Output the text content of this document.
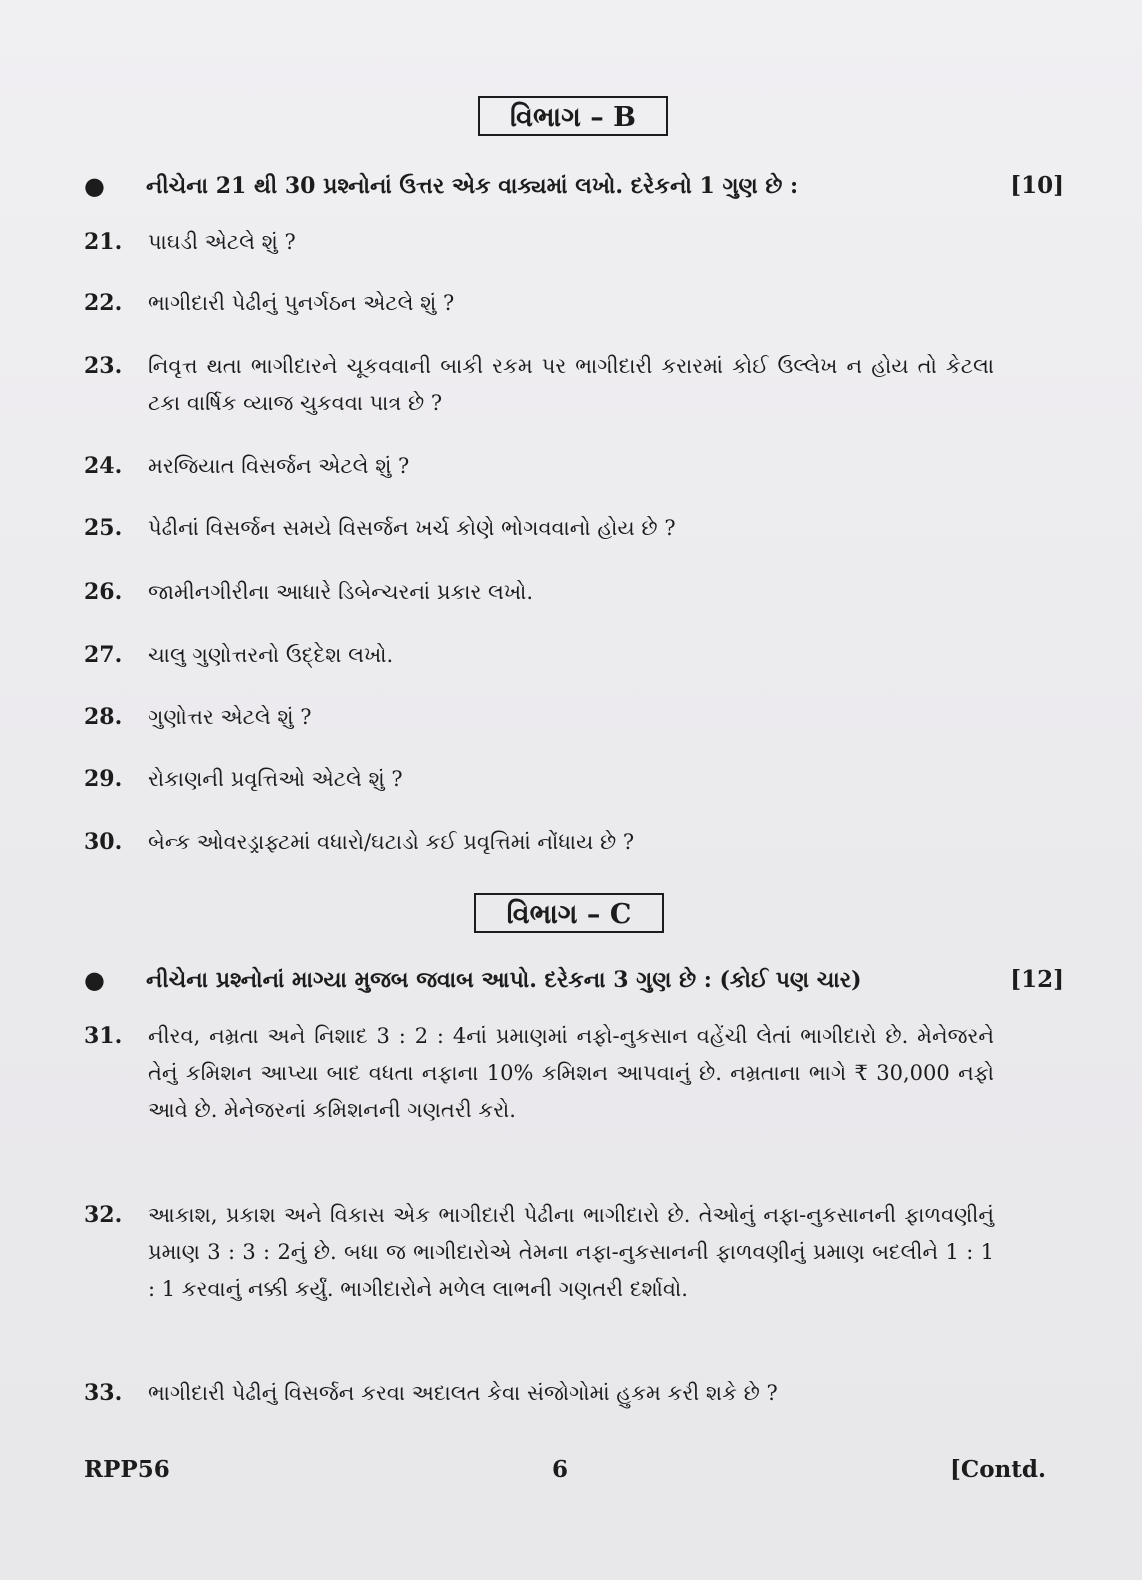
વિભાગ – B
● નીચેના 21 થી 30 પ્રશ્નોનાં ઉત્તર એક વાક્યમાં લખો. દરેકનો 1 ગુણ છે :	[10]
21. પાઘડી એટલે શું ?
22. ભાગીદારી પેઢીનું પુનર્ગઠન એટલે શું ?
23. નિવૃત્ત થતા ભાગીદારને ચૂકવવાની બાકી રકમ પર ભાગીદારી કરારમાં કોઈ ઉલ્લેખ ન હોય તો કેટલા ટકા વાર્ષિક વ્યાજ ચુકવવા પાત્ર છે ?
24. મરજિયાત વિસર્જન એટલે શું ?
25. પેઢીનાં વિસર્જન સમયે વિસર્જન ખર્ચ કોણે ભોગવવાનો હોય છે ?
26. જામીનગીરીના આધારે ડિબેન્ચરનાં પ્રકાર લખો.
27. ચાલુ ગુણોત્તરનો ઉદ્દેશ લખો.
28. ગુણોત્તર એટલે શું ?
29. રોકાણની પ્રવૃત્તિઓ એટલે શું ?
30. બેન્ક ઓવરડ્રાફ્ટમાં વધારો/ઘટાડો કઈ પ્રવૃત્તિમાં નોંધાય છે ?
વિભાગ – C
● નીચેના પ્રશ્નોનાં માગ્યા મુજબ જવાબ આપો. દરેકના 3 ગુણ છે : (કોઈ પણ ચાર)	[12]
31. નીરવ, નમ્રતા અને નિશાદ 3 : 2 : 4નાં પ્રમાણમાં નફો-નુકસાન વહેંચી લેતાં ભાગીદારો છે. મેનેજરને તેનું કમિશન આપ્યા બાદ વધતા નફાના 10% કમિશન આપવાનું છે. નમ્રતાના ભાગે ₹ 30,000 નફો આવે છે. મેનેજરનાં કમિશનની ગણતરી કરો.
32. આકાશ, પ્રકાશ અને વિકાસ એક ભાગીદારી પેઢીના ભાગીદારો છે. તેઓનું નફા-નુકસાનની ફાળવણીનું પ્રમાણ 3 : 3 : 2નું છે. બધા જ ભાગીદારોએ તેમના નફા-નુકસાનની ફાળવણીનું પ્રમાણ બદલીને 1 : 1 : 1 કરવાનું નક્કી કર્યું. ભાગીદારોને મળેલ લાભની ગણતરી દર્શાવો.
33. ભાગીદારી પેઢીનું વિસર્જન કરવા અદાલત કેવા સંજોગોમાં હુકમ કરી શકે છે ?
RPP56	6	[Contd.
